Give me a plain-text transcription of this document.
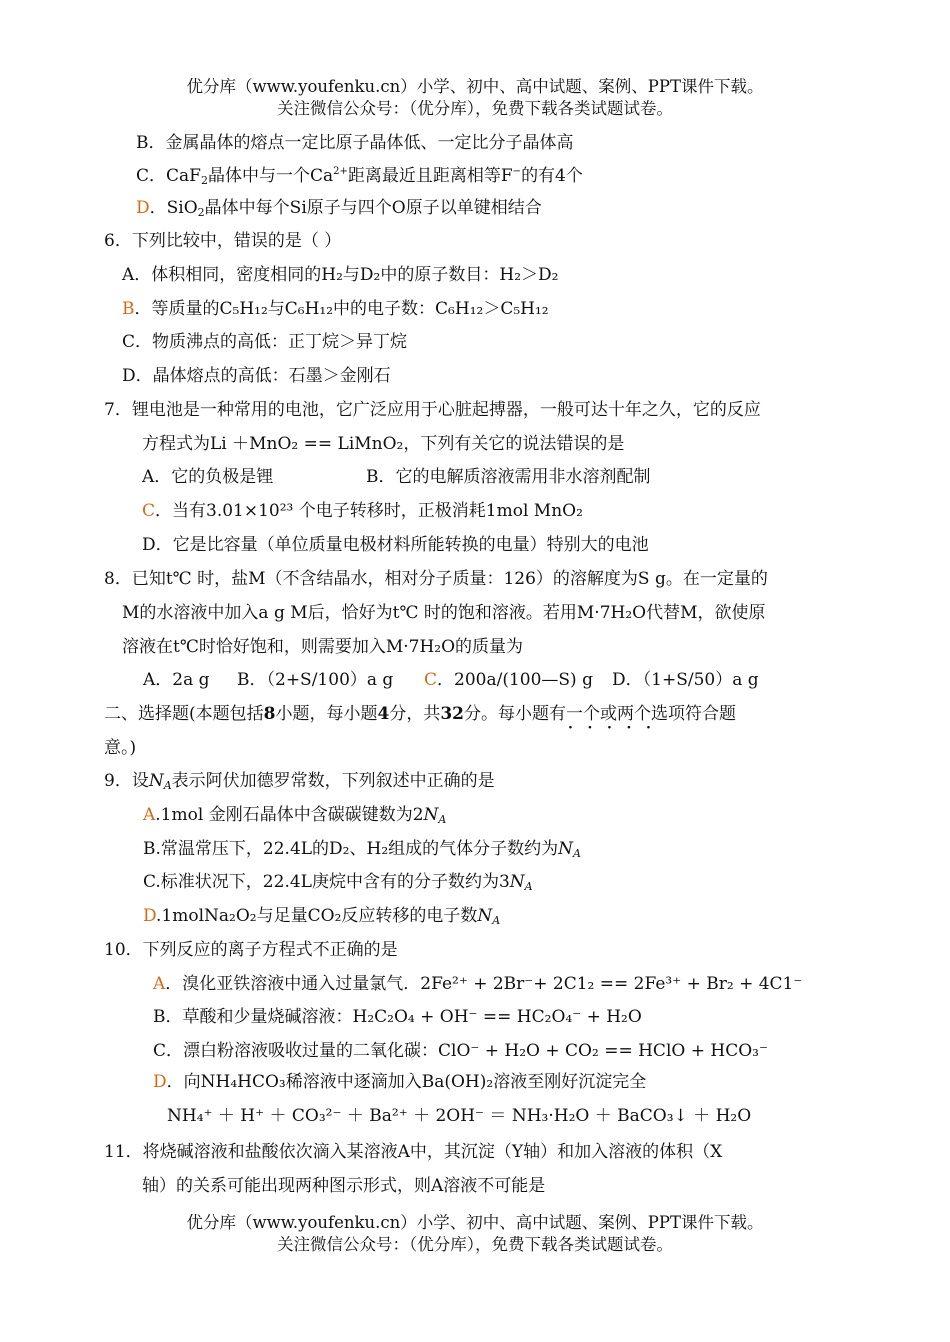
优分库（www.youfenku.cn）小学、初中、高中试题、案例、PPT课件下载。
关注微信公众号：（优分库），免费下载各类试题试卷。
B．金属晶体的熔点一定比原子晶体低、一定比分子晶体高
C．CaF$_2$晶体中与一个$Ca^{2+}$距离最近且距离相等F−的有4个
D．SiO$_2$晶体中每个Si原子与四个O原子以单键相结合
6．下列比较中，错误的是（ ）
A．体积相同，密度相同的H₂与D₂中的原子数目：H₂＞D₂
B．等质量的C₅H₁₂与C₆H₁₂中的电子数：C₆H₁₂＞C₅H₁₂
C．物质沸点的高低：正丁烷＞异丁烷
D．晶体熔点的高低：石墨＞金刚石
7．锂电池是一种常用的电池，它广泛应用于心脏起搏器，一般可达十年之久，它的反应
方程式为Li ＋MnO₂ == LiMnO₂，下列有关它的说法错误的是
A．它的负极是锂	B．它的电解质溶液需用非水溶剂配制
C．当有3.01×10²³ 个电子转移时，正极消耗1mol MnO₂
D．它是比容量（单位质量电极材料所能转换的电量）特别大的电池
8．已知t℃ 时，盐M（不含结晶水，相对分子质量：126）的溶解度为S g。在一定量的
M的水溶液中加入a g M后，恰好为t℃ 时的饱和溶液。若用M·7H₂O代替M，欲使原
溶液在t℃时恰好饱和，则需要加入M·7H₂O的质量为
A．2a g B．（2+S/100）a g C．200a/(100—S) g D．（1+S/50）a g
二、选择题(本题包括8小题，每小题4分，共32分。每小题有一个或两个 ·   ·选项符合题
意。)
9．设$N_A$表示阿伏加德罗常数，下列叙述中正确的是
A.1mol 金刚石晶体中含碳碳键数为$2N_A$
B.常温常压下，22.4L的D₂、H₂组成的气体分子数约为$N_A$
C.标准状况下，22.4L庚烷中含有的分子数约为$3N_A$
D.1molNa₂O₂与足量CO₂反应转移的电子数$N_A$
10．下列反应的离子方程式不正确的是
A．溴化亚铁溶液中通入过量氯气．2Fe²⁺ + 2Br⁻+ 2C1₂ == 2Fe³⁺ + Br₂ + 4C1⁻
B．草酸和少量烧碱溶液：H₂C₂O₄ + OH⁻ == HC₂O₄⁻ + H₂O
C．漂白粉溶液吸收过量的二氧化碳：ClO⁻ + H₂O + CO₂ == HClO + HCO₃⁻
D．向NH₄HCO₃稀溶液中逐滴加入Ba(OH)₂溶液至刚好沉淀完全
NH₄⁺ ＋ H⁺ ＋ CO₃²⁻ ＋ Ba²⁺ ＋ 2OH⁻ ＝ NH₃·H₂O ＋ BaCO₃↓ ＋ H₂O
11．将烧碱溶液和盐酸依次滴入某溶液A中，其沉淀（Y轴）和加入溶液的体积（X
轴）的关系可能出现两种图示形式，则A溶液不可能是
优分库（www.youfenku.cn）小学、初中、高中试题、案例、PPT课件下载。
关注微信公众号：（优分库），免费下载各类试题试卷。
